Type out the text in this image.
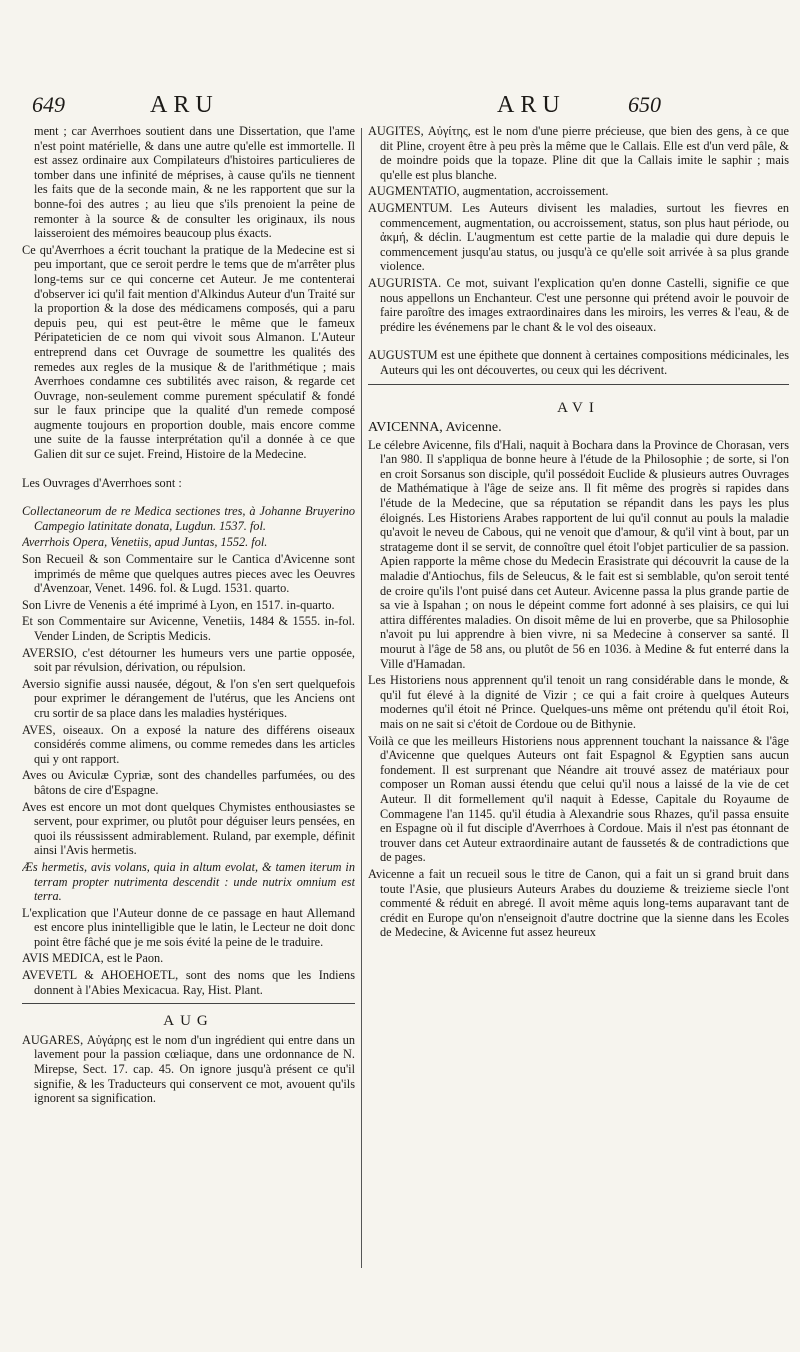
649	ARU	ARU	650

ment ; car Averrhoes soutient dans une Dissertation, que l'ame n'est point matérielle, & dans une autre qu'elle est immortelle. Il est assez ordinaire aux Compilateurs d'histoires particulieres de tomber dans une infinité de méprises, à cause qu'ils ne tiennent les faits que de la seconde main, & ne les rapportent que sur la bonne-foi des autres ; au lieu que s'ils prenoient la peine de remonter à la source & de consulter les originaux, ils nous laisseroient des mémoires beaucoup plus éxacts.

Ce qu'Averrhoes a écrit touchant la pratique de la Medecine est si peu important, que ce seroit perdre le tems que de m'arrêter plus long-tems sur ce qui concerne cet Auteur. Je me contenterai d'observer ici qu'il fait mention d'Alkindus Auteur d'un Traité sur la proportion & la dose des médicamens composés, qui a paru depuis peu, qui est peut-être le même que le fameux Péripateticien de ce nom qui vivoit sous Almanon. L'Auteur entreprend dans cet Ouvrage de soumettre les qualités des remedes aux regles de la musique & de l'arithmétique ; mais Averrhoes condamne ces subtilités avec raison, & regarde cet Ouvrage, non-seulement comme purement spéculatif & fondé sur le faux principe que la qualité d'un remede composé augmente toujours en proportion double, mais encore comme une suite de la fausse interprétation qu'il a donnée à ce que Galien dit sur ce sujet. Freind, Histoire de la Medecine.

Les Ouvrages d'Averrhoes sont :

Collectaneorum de re Medica sectiones tres, à Johanne Bruyerino Campegio latinitate donata, Lugdun. 1537. fol.

Averrhois Opera, Venetiis, apud Juntas, 1552. fol.

Son Recueil & son Commentaire sur le Cantica d'Avicenne sont imprimés de même que quelques autres pieces avec les Oeuvres d'Avenzoar, Venet. 1496. fol. & Lugd. 1531. quarto.

Son Livre de Venenis a été imprimé à Lyon, en 1517. in-quarto.

Et son Commentaire sur Avicenne, Venetiis, 1484 & 1555. in-fol. Vender Linden, de Scriptis Medicis.

AVERSIO, c'est détourner les humeurs vers une partie opposée, soit par révulsion, dérivation, ou répulsion.

Aversio signifie aussi nausée, dégout, & l'on s'en sert quelquefois pour exprimer le dérangement de l'utérus, que les Anciens ont cru sortir de sa place dans les maladies hystériques.

AVES, oiseaux. On a exposé la nature des différens oiseaux considérés comme alimens, ou comme remedes dans les articles qui y ont rapport.

Aves ou Aviculæ Cypriæ, sont des chandelles parfumées, ou des bâtons de cire d'Espagne.

Aves est encore un mot dont quelques Chymistes enthousiastes se servent, pour exprimer, ou plutôt pour déguiser leurs pensées, en quoi ils réussissent admirablement. Ruland, par exemple, définit ainsi l'Avis hermetis.

Æs hermetis, avis volans, quia in altum evolat, & tamen iterum in terram propter nutrimenta descendit : unde nutrix omnium est terra.

L'explication que l'Auteur donne de ce passage en haut Allemand est encore plus inintelligible que le latin, le Lecteur ne doit donc point être fâché que je me sois évité la peine de le traduire.

AVIS MEDICA, est le Paon.

AVEVETL & AHOEHOETL, sont des noms que les Indiens donnent à l'Abies Mexicacua. Ray, Hist. Plant.

AUG

AUGARES, Αὐγάρης est le nom d'un ingrédient qui entre dans un lavement pour la passion cœliaque, dans une ordonnance de N. Mirepse, Sect. 17. cap. 45. On ignore jusqu'à présent ce qu'il signifie, & les Traducteurs qui conservent ce mot, avouent qu'ils ignorent sa signification.

AUGITES, Αὐγίτης, est le nom d'une pierre précieuse, que bien des gens, à ce que dit Pline, croyent être à peu près la même que le Callais. Elle est d'un verd pâle, & de moindre poids que la topaze. Pline dit que la Callais imite le saphir ; mais qu'elle est plus blanche.

AUGMENTATIO, augmentation, accroissement.

AUGMENTUM. Les Auteurs divisent les maladies, surtout les fievres en commencement, augmentation, ou accroissement, status, son plus haut période, ou ἀκμή, & déclin. L'augmentum est cette partie de la maladie qui dure depuis le commencement jusqu'au status, ou jusqu'à ce qu'elle soit arrivée à sa plus grande violence.

AUGURISTA. Ce mot, suivant l'explication qu'en donne Castelli, signifie ce que nous appellons un Enchanteur. C'est une personne qui prétend avoir le pouvoir de faire paroître des images extraordinaires dans les miroirs, les verres & l'eau, & de prédire les événemens par le chant & le vol des oiseaux.

AUGUSTUM est une épithete que donnent à certaines compositions médicinales, les Auteurs qui les ont découvertes, ou ceux qui les décrivent.

AVI

AVICENNA, Avicenne.

Le célebre Avicenne, fils d'Hali, naquit à Bochara dans la Province de Chorasan, vers l'an 980. Il s'appliqua de bonne heure à l'étude de la Philosophie ; de sorte, si l'on en croit Sorsanus son disciple, qu'il possédoit Euclide & plusieurs autres Ouvrages de Mathématique à l'âge de seize ans. Il fit même des progrès si rapides dans l'étude de la Medecine, que sa réputation se répandit dans les pays les plus éloignés. Les Historiens Arabes rapportent de lui qu'il connut au pouls la maladie qu'avoit le neveu de Cabous, qui ne venoit que d'amour, & qu'il vint à bout, par un stratageme dont il se servit, de connoître quel étoit l'objet particulier de sa passion. Apien rapporte la même chose du Medecin Erasistrate qui découvrit la cause de la maladie d'Antiochus, fils de Seleucus, & le fait est si semblable, qu'on seroit tenté de croire qu'ils l'ont puisé dans cet Auteur. Avicenne passa la plus grande partie de sa vie à Ispahan ; on nous le dépeint comme fort adonné à ses plaisirs, ce qui lui attira différentes maladies. On disoit même de lui en proverbe, que sa Philosophie n'avoit pu lui apprendre à bien vivre, ni sa Medecine à conserver sa santé. Il mourut à l'âge de 58 ans, ou plutôt de 56 en 1036. à Medine & fut enterré dans la Ville d'Hamadan.

Les Historiens nous apprennent qu'il tenoit un rang considérable dans le monde, & qu'il fut élevé à la dignité de Vizir ; ce qui a fait croire à quelques Auteurs modernes qu'il étoit né Prince. Quelques-uns même ont prétendu qu'il étoit Roi, mais on ne sait si c'étoit de Cordoue ou de Bithynie.

Voilà ce que les meilleurs Historiens nous apprennent touchant la naissance & l'âge d'Avicenne que quelques Auteurs ont fait Espagnol & Egyptien sans aucun fondement. Il est surprenant que Néandre ait trouvé assez de matériaux pour composer un Roman aussi étendu que celui qu'il nous a laissé de la vie de cet Auteur. Il dit formellement qu'il naquit à Edesse, Capitale du Royaume de Commagene l'an 1145. qu'il étudia à Alexandrie sous Rhazes, qu'il passa ensuite en Espagne où il fut disciple d'Averrhoes à Cordoue. Mais il n'est pas étonnant de trouver dans cet Auteur extraordinaire autant de faussetés & de contradictions que de pages.

Avicenne a fait un recueil sous le titre de Canon, qui a fait un si grand bruit dans toute l'Asie, que plusieurs Auteurs Arabes du douzieme & treizieme siecle l'ont commenté & réduit en abregé. Il avoit même aquis long-tems auparavant tant de crédit en Europe qu'on n'enseignoit d'autre doctrine que la sienne dans les Ecoles de Medecine, & Avicenne fut assez heureux
